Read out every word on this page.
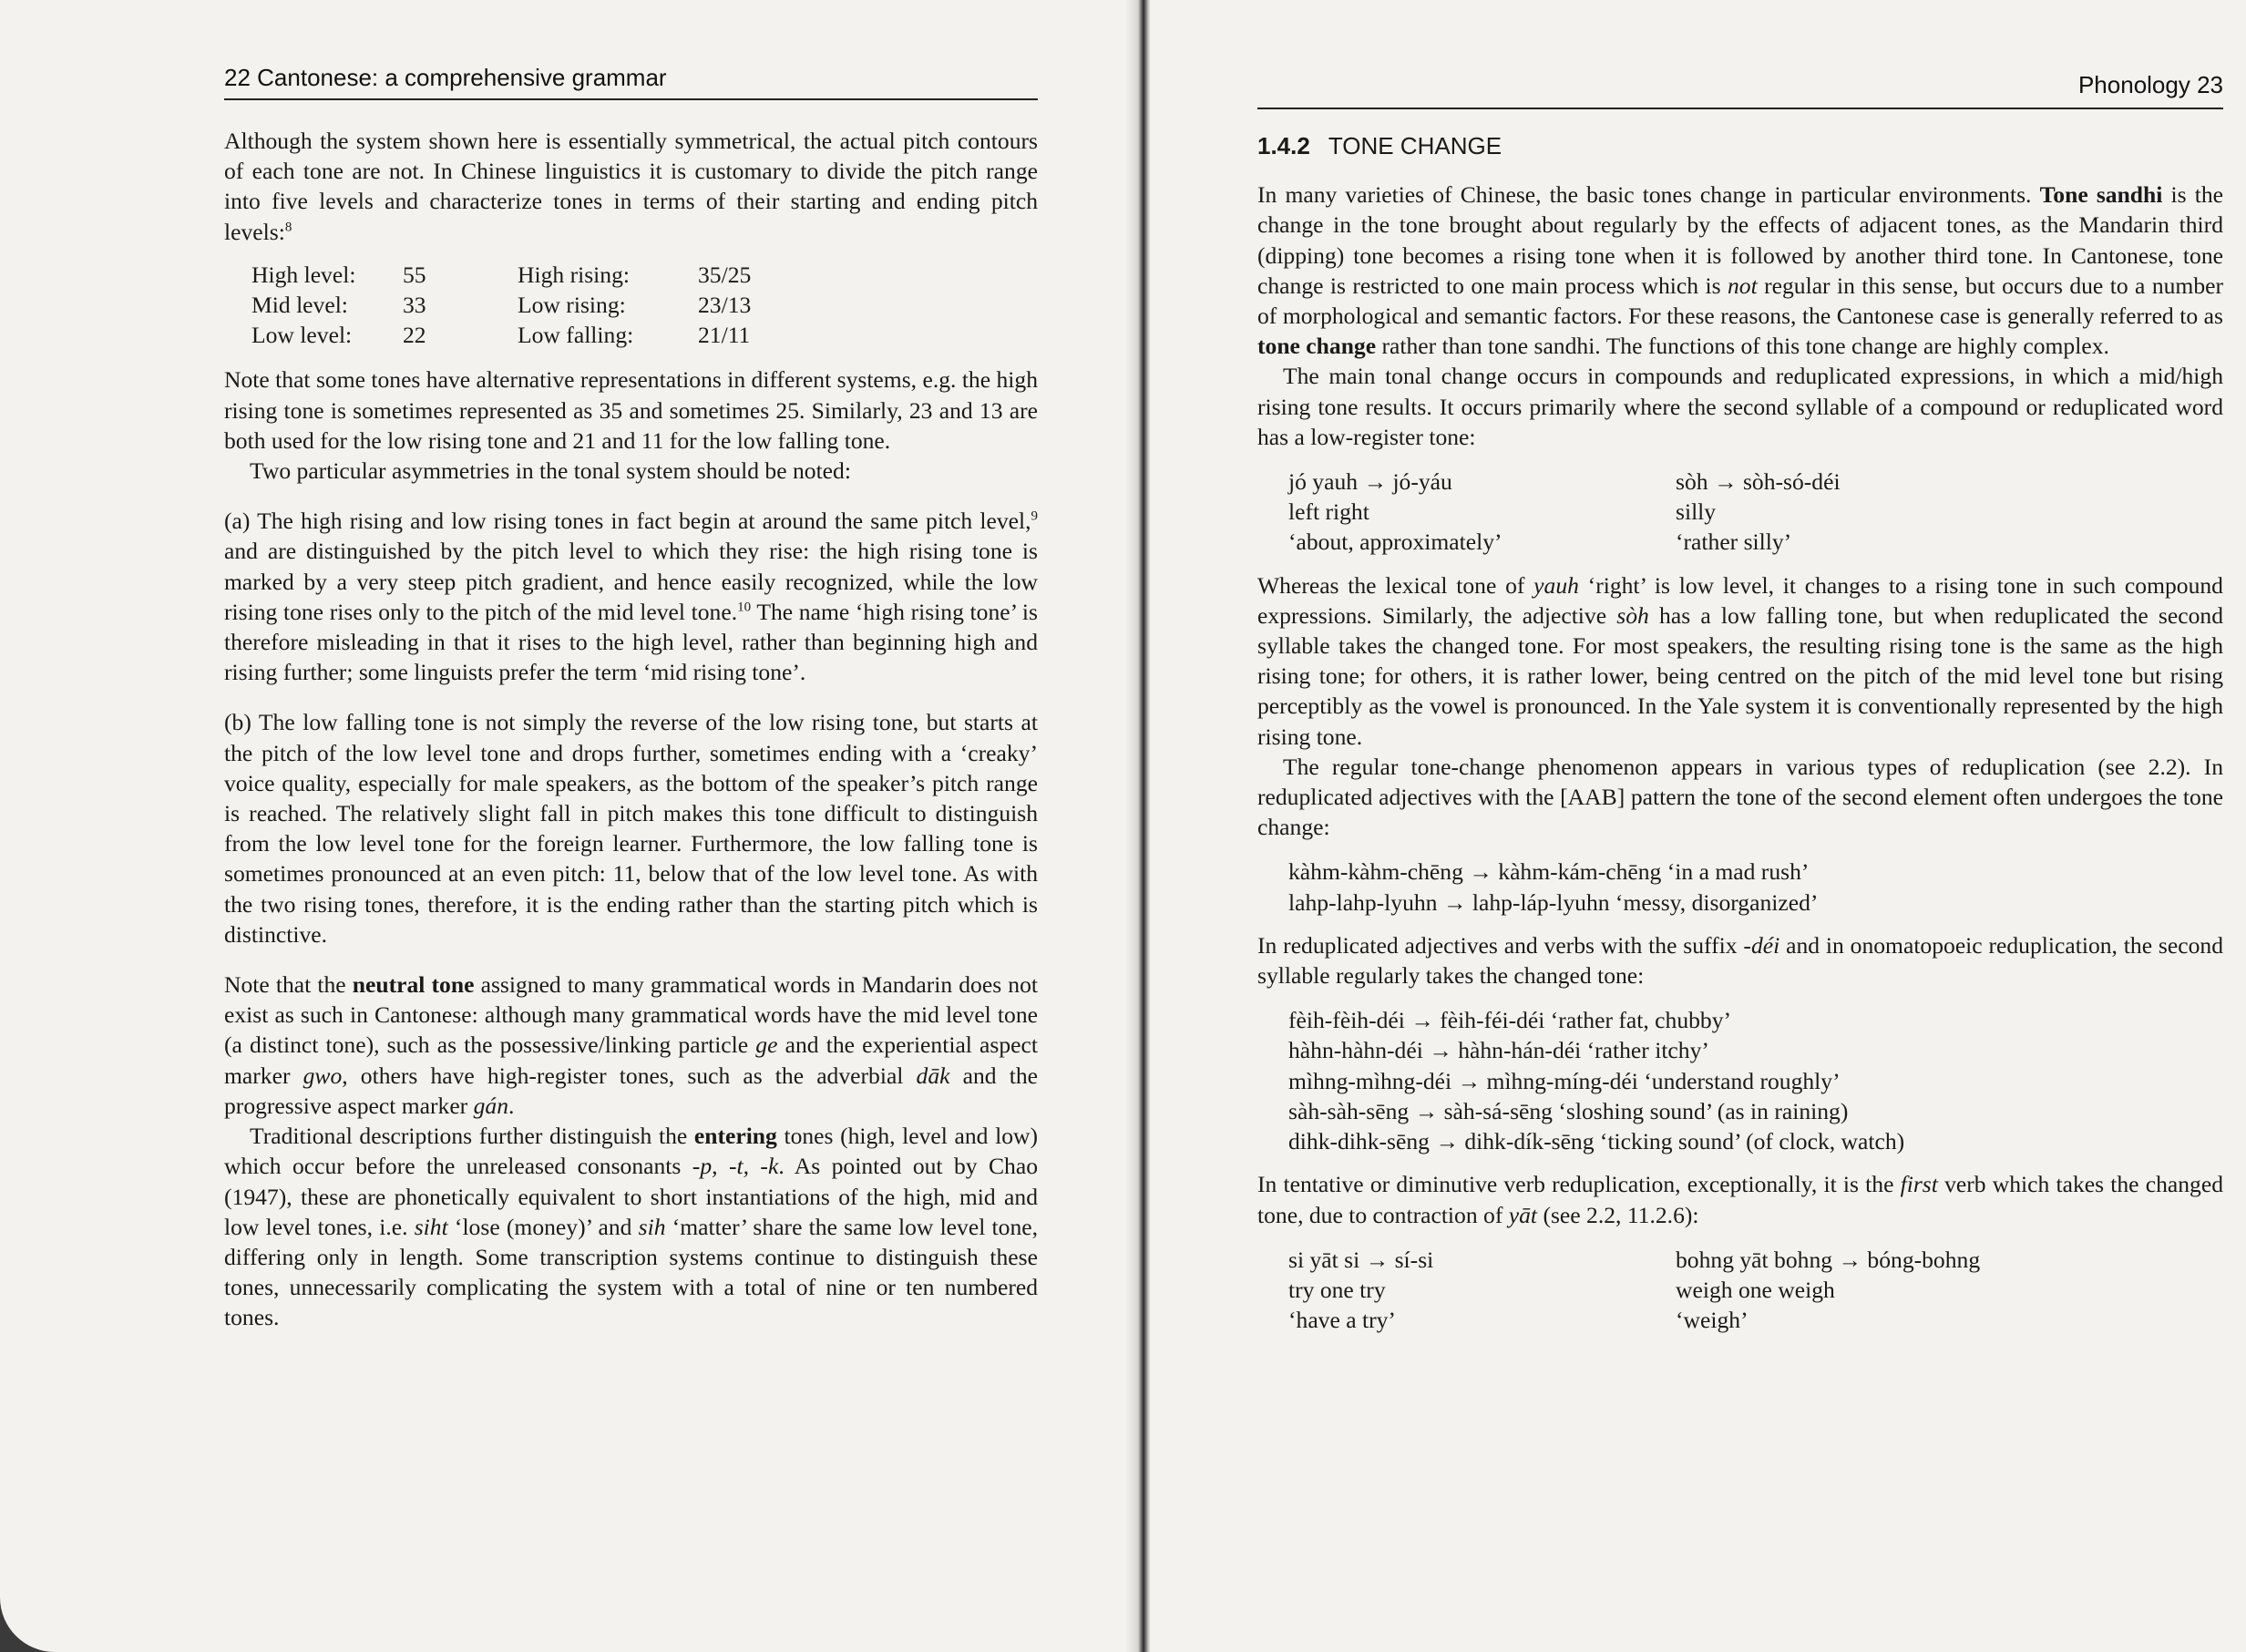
22 Cantonese: a comprehensive grammar

Although the system shown here is essentially symmetrical, the actual pitch contours of each tone are not. In Chinese linguistics it is customary to divide the pitch range into five levels and characterize tones in terms of their starting and ending pitch levels:$^8$

High level:	55	High rising:	35/25
Mid level:	33	Low rising:	23/13
Low level:	22	Low falling:	21/11

Note that some tones have alternative representations in different systems, e.g. the high rising tone is sometimes represented as 35 and sometimes 25. Similarly, 23 and 13 are both used for the low rising tone and 21 and 11 for the low falling tone.

Two particular asymmetries in the tonal system should be noted:

(a) The high rising and low rising tones in fact begin at around the same pitch level,$^9$ and are distinguished by the pitch level to which they rise: the high rising tone is marked by a very steep pitch gradient, and hence easily recognized, while the low rising tone rises only to the pitch of the mid level tone.$^{10}$ The name ‘high rising tone’ is therefore misleading in that it rises to the high level, rather than beginning high and rising further; some linguists prefer the term ‘mid rising tone’.

(b) The low falling tone is not simply the reverse of the low rising tone, but starts at the pitch of the low level tone and drops further, sometimes ending with a ‘creaky’ voice quality, especially for male speakers, as the bottom of the speaker’s pitch range is reached. The relatively slight fall in pitch makes this tone difficult to distinguish from the low level tone for the foreign learner. Furthermore, the low falling tone is sometimes pronounced at an even pitch: 11, below that of the low level tone. As with the two rising tones, therefore, it is the ending rather than the starting pitch which is distinctive.

Note that the neutral tone assigned to many grammatical words in Mandarin does not exist as such in Cantonese: although many grammatical words have the mid level tone (a distinct tone), such as the possessive/linking particle ge and the experiential aspect marker gwo, others have high-register tones, such as the adverbial dāk and the progressive aspect marker gán.

Traditional descriptions further distinguish the entering tones (high, level and low) which occur before the unreleased consonants -p, -t, -k. As pointed out by Chao (1947), these are phonetically equivalent to short instantiations of the high, mid and low level tones, i.e. siht ‘lose (money)’ and sih ‘matter’ share the same low level tone, differing only in length. Some transcription systems continue to distinguish these tones, unnecessarily complicating the system with a total of nine or ten numbered tones.

Phonology 23
1.4.2 TONE CHANGE

In many varieties of Chinese, the basic tones change in particular environments. Tone sandhi is the change in the tone brought about regularly by the effects of adjacent tones, as the Mandarin third (dipping) tone becomes a rising tone when it is followed by another third tone. In Cantonese, tone change is restricted to one main process which is not regular in this sense, but occurs due to a number of morphological and semantic factors. For these reasons, the Cantonese case is generally referred to as tone change rather than tone sandhi. The functions of this tone change are highly complex.

The main tonal change occurs in compounds and reduplicated expressions, in which a mid/high rising tone results. It occurs primarily where the second syllable of a compound or reduplicated word has a low-register tone:

jó yauh → jó-yáu	sòh → sòh-só-déi
left right	silly
‘about, approximately’	‘rather silly’

Whereas the lexical tone of yauh ‘right’ is low level, it changes to a rising tone in such compound expressions. Similarly, the adjective sòh has a low falling tone, but when reduplicated the second syllable takes the changed tone. For most speakers, the resulting rising tone is the same as the high rising tone; for others, it is rather lower, being centred on the pitch of the mid level tone but rising perceptibly as the vowel is pronounced. In the Yale system it is conventionally represented by the high rising tone.

The regular tone-change phenomenon appears in various types of reduplication (see 2.2). In reduplicated adjectives with the [AAB] pattern the tone of the second element often undergoes the tone change:

kàhm-kàhm-chēng → kàhm-kám-chēng ‘in a mad rush’
lahp-lahp-lyuhn → lahp-láp-lyuhn ‘messy, disorganized’

In reduplicated adjectives and verbs with the suffix -déi and in onomatopoeic reduplication, the second syllable regularly takes the changed tone:

fèih-fèih-déi → fèih-féi-déi ‘rather fat, chubby’
hàhn-hàhn-déi → hàhn-hán-déi ‘rather itchy’
mìhng-mìhng-déi → mìhng-míng-déi ‘understand roughly’
sàh-sàh-sēng → sàh-sá-sēng ‘sloshing sound’ (as in raining)
dihk-dihk-sēng → dihk-dík-sēng ‘ticking sound’ (of clock, watch)

In tentative or diminutive verb reduplication, exceptionally, it is the first verb which takes the changed tone, due to contraction of yāt (see 2.2, 11.2.6):

si yāt si → sí-si	bohng yāt bohng → bóng-bohng
try one try	weigh one weigh
‘have a try’	‘weigh’
